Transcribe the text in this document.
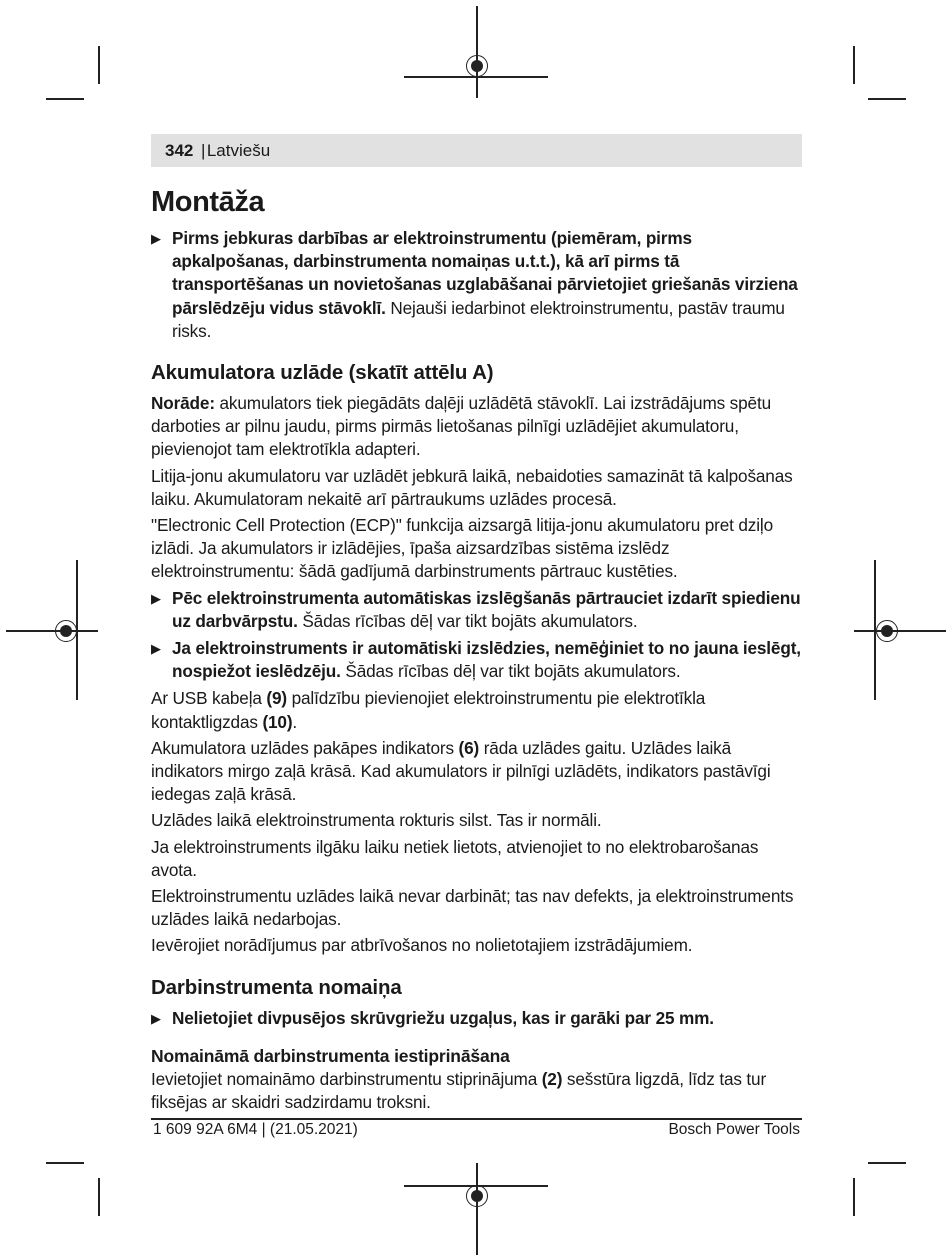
342 | Latviešu
Montāža
▶ Pirms jebkuras darbības ar elektroinstrumentu (piemēram, pirms apkalpošanas, darbinstrumenta nomaiņas u.t.t.), kā arī pirms tā transportēšanas un novietošanas uzglabāšanai pārvietojiet griešanās virziena pārslēdzēju vidus stāvoklī. Nejauši iedarbinot elektroinstrumentu, pastāv traumu risks.
Akumulatora uzlāde (skatīt attēlu A)

Norāde: akumulators tiek piegādāts daļēji uzlādētā stāvoklī. Lai izstrādājums spētu darboties ar pilnu jaudu, pirms pirmās lietošanas pilnīgi uzlādējiet akumulatoru, pievienojot tam elektrotīkla adapteri.

Litija-jonu akumulatoru var uzlādēt jebkurā laikā, nebaidoties samazināt tā kalpošanas laiku. Akumulatoram nekaitē arī pārtraukums uzlādes procesā.

"Electronic Cell Protection (ECP)" funkcija aizsargā litija-jonu akumulatoru pret dziļo izlādi. Ja akumulators ir izlādējies, īpaša aizsardzības sistēma izslēdz elektroinstrumentu: šādā gadījumā darbinstruments pārtrauc kustēties.

▶ Pēc elektroinstrumenta automātiskas izslēgšanās pārtrauciet izdarīt spiedienu uz darbvārpstu. Šādas rīcības dēļ var tikt bojāts akumulators.
▶ Ja elektroinstruments ir automātiski izslēdzies, nemēģiniet to no jauna ieslēgt, nospiežot ieslēdzēju. Šādas rīcības dēļ var tikt bojāts akumulators.

Ar USB kabeļa (9) palīdzību pievienojiet elektroinstrumentu pie elektrotīkla kontaktligzdas (10).

Akumulatora uzlādes pakāpes indikators (6) rāda uzlādes gaitu. Uzlādes laikā indikators mirgo zaļā krāsā. Kad akumulators ir pilnīgi uzlādēts, indikators pastāvīgi iedegas zaļā krāsā.

Uzlādes laikā elektroinstrumenta rokturis silst. Tas ir normāli.

Ja elektroinstruments ilgāku laiku netiek lietots, atvienojiet to no elektrobarošanas avota.

Elektroinstrumentu uzlādes laikā nevar darbināt; tas nav defekts, ja elektroinstruments uzlādes laikā nedarbojas.

Ievērojiet norādījumus par atbrīvošanos no nolietotajiem izstrādājumiem.

Darbinstrumenta nomaiņa
▶ Nelietojiet divpusējos skrūvgriežu uzgaļus, kas ir garāki par 25 mm.
Nomaināmā darbinstrumenta iestiprināšana

Ievietojiet nomaināmo darbinstrumentu stiprinājuma (2) sešstūra ligzdā, līdz tas tur fiksējas ar skaidri sadzirdamu troksni.

1 609 92A 6M4 | (21.05.2021)	Bosch Power Tools
